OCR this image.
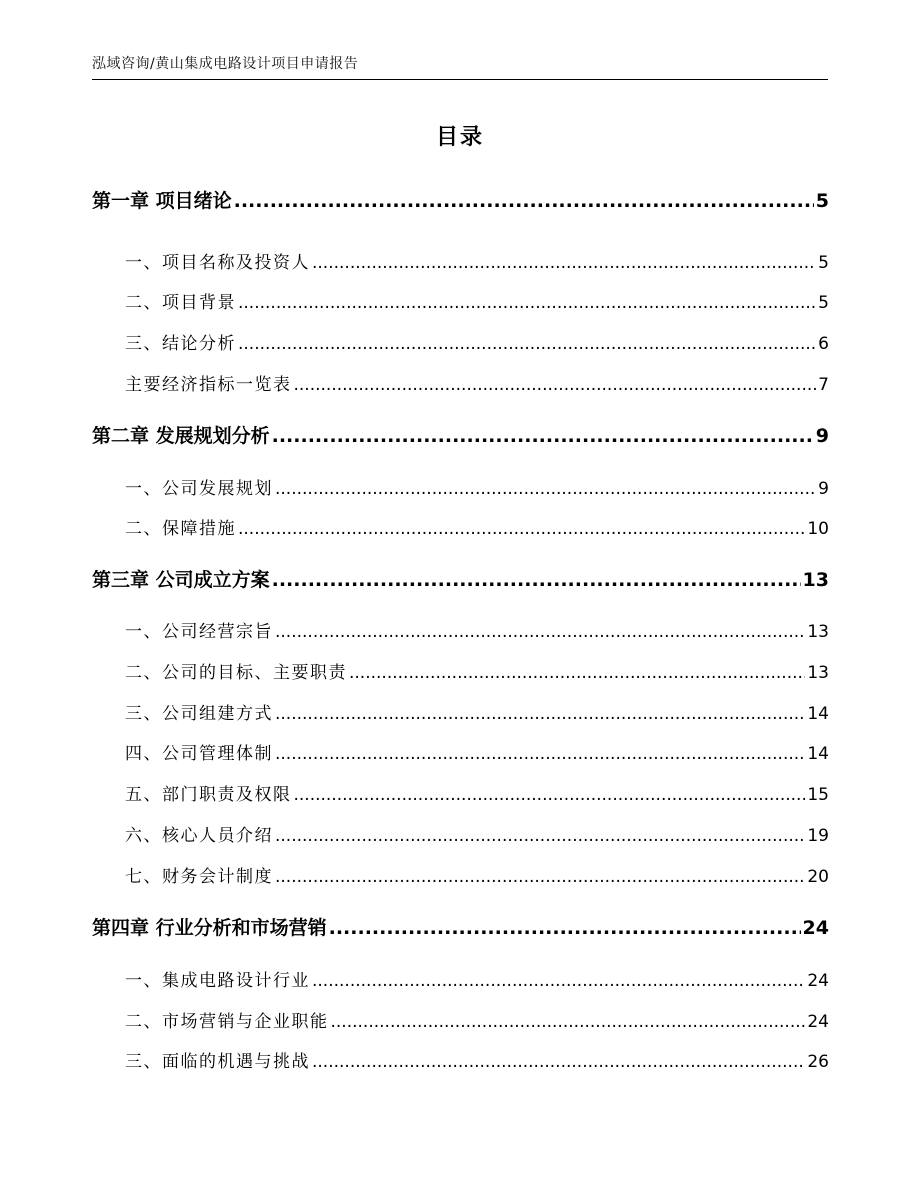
泓域咨询/黄山集成电路设计项目申请报告
目录
第一章 项目绪论 .....	5
一、 项目名称及投资人 .....	5
二、 项目背景 .....	5
三、 结论分析 .....	6
主要经济指标一览表 .....	7
第二章 发展规划分析 .....	9
一、 公司发展规划 .....	9
二、 保障措施 .....	10
第三章 公司成立方案 .....	13
一、 公司经营宗旨 .....	13
二、 公司的目标、主要职责 .....	13
三、 公司组建方式 .....	14
四、 公司管理体制 .....	14
五、 部门职责及权限 .....	15
六、 核心人员介绍 .....	19
七、 财务会计制度 .....	20
第四章 行业分析和市场营销 .....	24
一、 集成电路设计行业 .....	24
二、 市场营销与企业职能 .....	24
三、 面临的机遇与挑战 .....	26
